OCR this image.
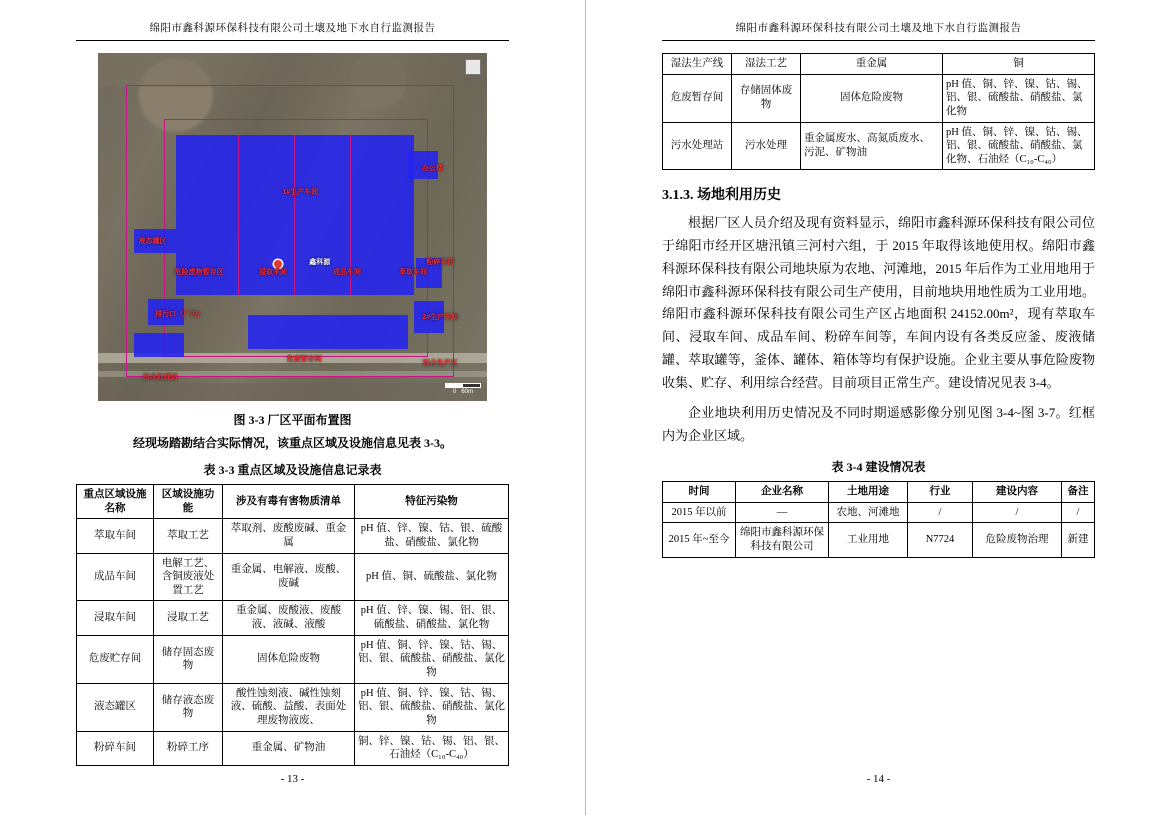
绵阳市鑫科源环保科技有限公司土壤及地下水自行监测报告
1#生产车间
办公楼
危险废物暂存区	浸取车间	成品车间	萃取车间
鑫科源
液态罐区
粉碎车间
2#生产车间
排污口（厂内）
危废暂存间	综合生产区
污水处理站
0   60m
图 3-3 厂区平面布置图
经现场踏勘结合实际情况，该重点区域及设施信息见表 3-3。
表 3-3 重点区域及设施信息记录表
重点区域设施名称	区域设施功能	涉及有毒有害物质清单	特征污染物
萃取车间	萃取工艺	萃取剂、废酸废碱、重金属	pH 值、锌、镍、钴、银、硫酸盐、硝酸盐、氯化物
成品车间	电解工艺、含铜废液处置工艺	重金属、电解液、废酸、废碱	pH 值、铜、硫酸盐、氯化物
浸取车间	浸取工艺	重金属、废酸液、废酸液、液碱、液酸	pH 值、锌、镍、锡、铝、银、硫酸盐、硝酸盐、氯化物
危废贮存间	储存固态废物	固体危险废物	pH 值、铜、锌、镍、钴、锡、铝、银、硫酸盐、硝酸盐、氯化物
液态罐区	储存液态废物	酸性蚀刻液、碱性蚀刻液、硫酸、益酸、表面处理废物液废、	pH 值、铜、锌、镍、钴、锡、铝、银、硫酸盐、硝酸盐、氯化物
粉碎车间	粉碎工序	重金属、矿物油	铜、锌、镍、钴、锡、铝、银、石油烃（C₁₀-C₄₀）
- 13 -
绵阳市鑫科源环保科技有限公司土壤及地下水自行监测报告
湿法生产线	湿法工艺	重金属	铜
危废暂存间	存储固体废物	固体危险废物	pH 值、铜、锌、镍、钴、锡、铝、银、硫酸盐、硝酸盐、氯化物
污水处理站	污水处理	重金属废水、高氮质废水、污泥、矿物油	pH 值、铜、锌、镍、钴、锡、铝、银、硫酸盐、硝酸盐、氯化物、石油烃（C₁₀-C₄₀）
3.1.3. 场地利用历史
根据厂区人员介绍及现有资料显示，绵阳市鑫科源环保科技有限公司位于绵阳市经开区塘汛镇三河村六组，于 2015 年取得该地使用权。绵阳市鑫科源环保科技有限公司地块原为农地、河滩地，2015 年后作为工业用地用于绵阳市鑫科源环保科技有限公司生产使用，目前地块用地性质为工业用地。绵阳市鑫科源环保科技有限公司生产区占地面积 24152.00m²，现有萃取车间、浸取车间、成品车间、粉碎车间等，车间内设有各类反应釜、废液储罐、萃取罐等，釜体、罐体、箱体等均有保护设施。企业主要从事危险废物收集、贮存、利用综合经营。目前项目正常生产。建设情况见表 3-4。
企业地块利用历史情况及不同时期遥感影像分别见图 3-4~图 3-7。红框内为企业区域。
表 3-4 建设情况表
时间	企业名称	土地用途	行业	建设内容	备注
2015 年以前	—	农地、河滩地	/	/	/
2015 年~至今	绵阳市鑫科源环保科技有限公司	工业用地	N7724	危险废物治理	新建
- 14 -
